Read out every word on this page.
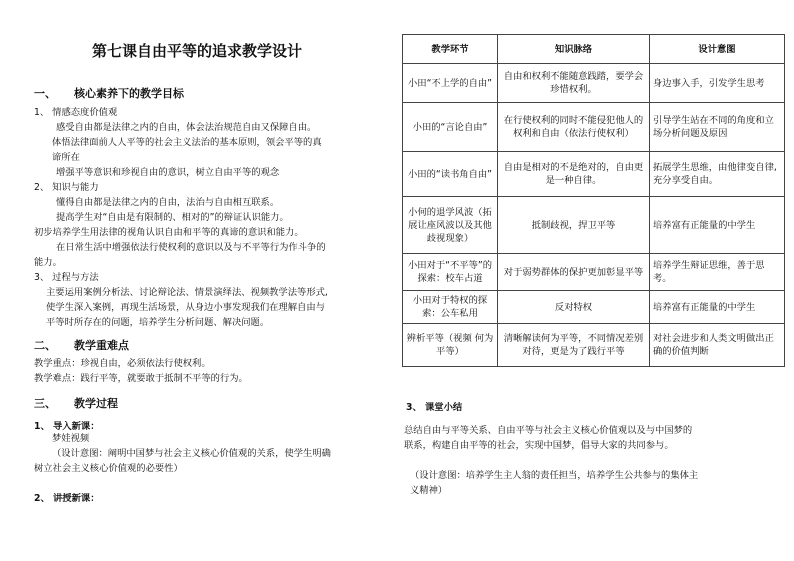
第七课自由平等的追求教学设计
一、 核心素养下的教学目标
1、 情感态度价值观
感受自由都是法律之内的自由，体会法治规范自由又保障自由。
体悟法律面前人人平等的社会主义法治的基本原则，领会平等的真
谛所在
增强平等意识和珍视自由的意识，树立自由平等的观念
2、 知识与能力
懂得自由都是法律之内的自由，法治与自由相互联系。
提高学生对“自由是有限制的、相对的”的辩证认识能力。
初步培养学生用法律的视角认识自由和平等的真谛的意识和能力。
在日常生活中增强依法行使权利的意识以及与不平等行为作斗争的
能力。
3、 过程与方法
主要运用案例分析法、讨论辩论法、情景演绎法、视频教学法等形式,
使学生深入案例，再现生活场景，从身边小事发现我们在理解自由与
平等时所存在的问题，培养学生分析问题、解决问题。
二、 教学重难点
教学重点：珍视自由，必须依法行使权利。
教学难点：践行平等，就要敢于抵制不平等的行为。
三、 教学过程
1、 导入新课：
梦娃视频
（设计意图：阐明中国梦与社会主义核心价值观的关系，使学生明确
树立社会主义核心价值观的必要性）
2、 讲授新课：
教学环节	知识脉络	设计意图
小田“不上学的自由”	自由和权利不能随意践踏，要学会珍惜权利。	身边事入手，引发学生思考
小田的“言论自由”	在行使权利的同时不能侵犯他人的权利和自由（依法行使权利）	引导学生站在不同的角度和立场分析问题及原因
小田的“读书角自由”	自由是相对的不是绝对的，自由更是一种自律。	拓展学生思维，由他律变自律,充分享受自由。
小何的退学风波（拓展让座风波以及其他歧视现象）	抵制歧视，捍卫平等	培养富有正能量的中学生
小田对于“不平等”的探索：校车占道	对于弱势群体的保护更加彰显平等	培养学生辩证思维，善于思考。
小田对于特权的探索：公车私用	反对特权	培养富有正能量的中学生
辨析平等（视频 何为平等）	清晰解读何为平等，不同情况差别对待，更是为了践行平等	对社会进步和人类文明做出正确的价值判断
3、 课堂小结
总结自由与平等关系、自由平等与社会主义核心价值观以及与中国梦的
联系，构建自由平等的社会，实现中国梦，倡导大家的共同参与。
（设计意图：培养学生主人翁的责任担当，培养学生公共参与的集体主
义精神）
